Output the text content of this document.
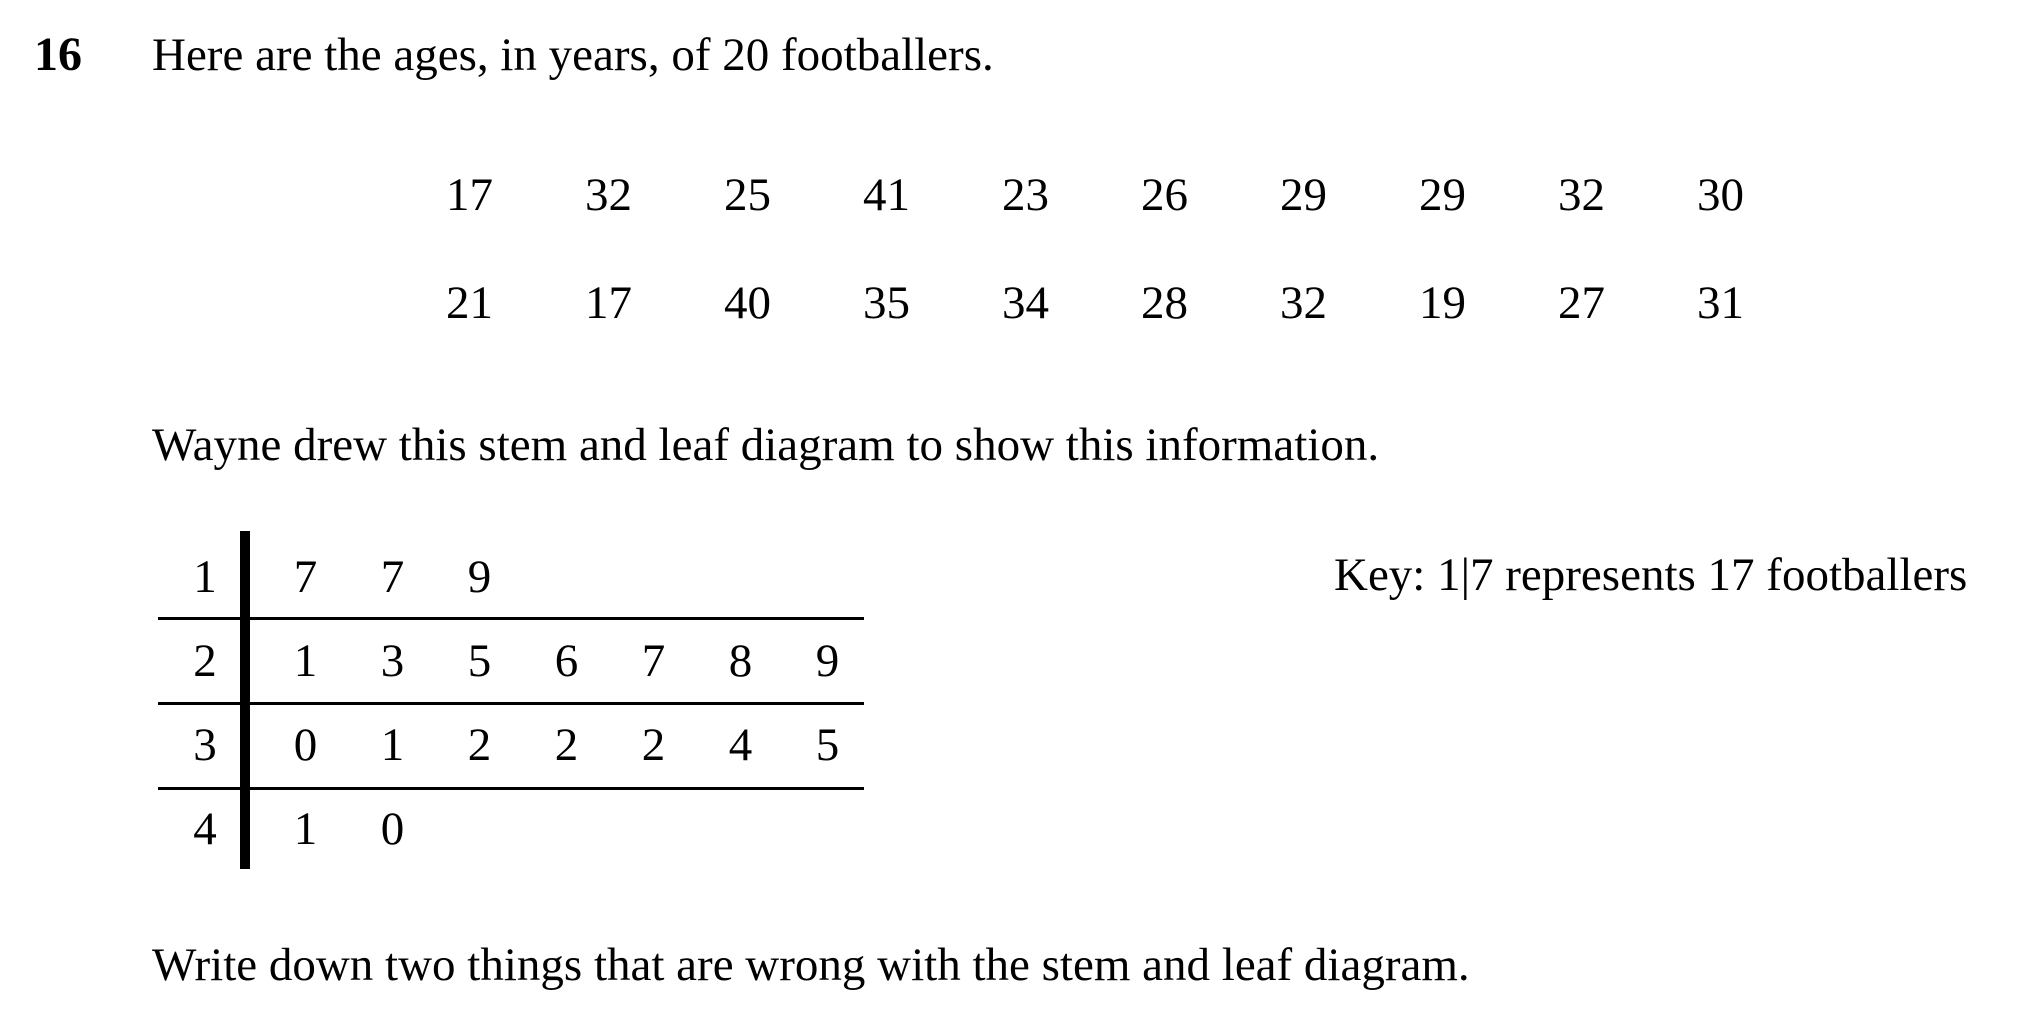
16 Here are the ages, in years, of 20 footballers.
17	32	25	41	23	26	29	29	32	30
21	17	40	35	34	28	32	19	27	31
Wayne drew this stem and leaf diagram to show this information.
1	7	7	9
2	1	3	5	6	7	8	9
3	0	1	2	2	2	4	5
4	1	0
Key: 1|7 represents 17 footballers
Write down two things that are wrong with the stem and leaf diagram.
